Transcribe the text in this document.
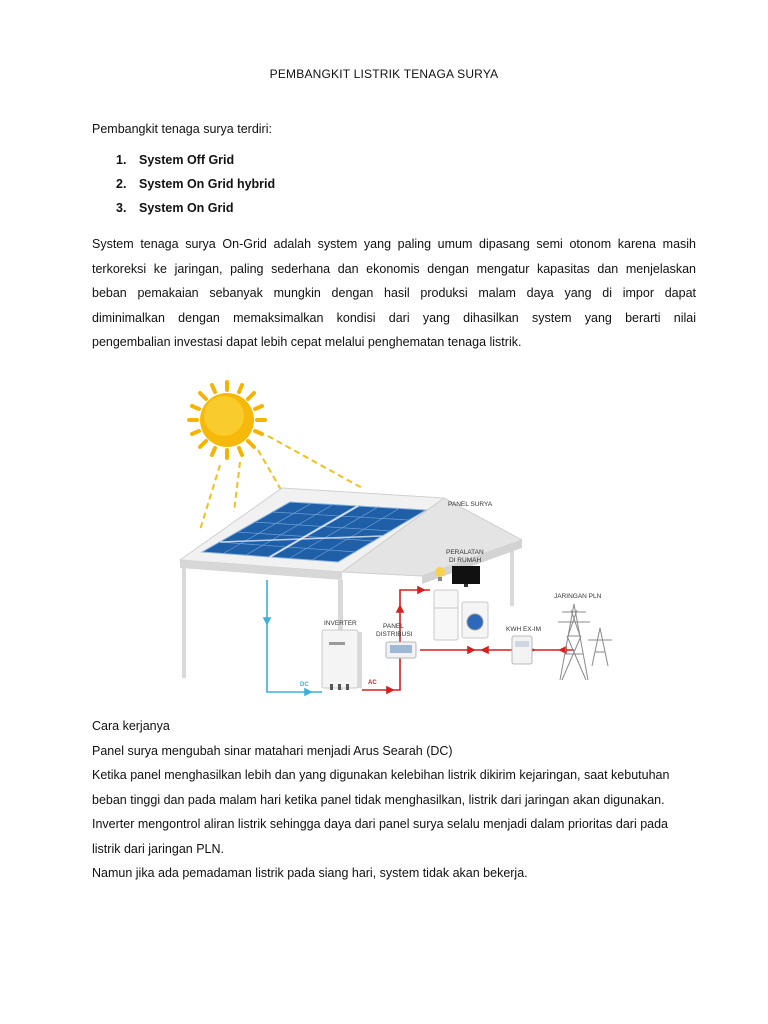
PEMBANGKIT LISTRIK TENAGA SURYA
Pembangkit tenaga surya terdiri:
1.	System Off Grid
2.	System On Grid hybrid
3.	System On Grid
System tenaga surya On-Grid adalah system yang paling umum dipasang semi otonom karena masih
terkoreksi ke jaringan, paling sederhana dan ekonomis dengan mengatur kapasitas dan menjelaskan
beban pemakaian sebanyak mungkin dengan hasil produksi malam daya yang di impor dapat
diminimalkan dengan memaksimalkan kondisi dari yang dihasilkan system yang berarti nilai
pengembalian investasi dapat lebih cepat melalui penghematan tenaga listrik.
PANEL SURYA
DC
INVERTER
AC
PANEL
DISTRIBUSI
PERALATAN
DI RUMAH
KWH EX-IM
JARINGAN PLN
Cara kerjanya
Panel surya mengubah sinar matahari menjadi Arus Searah (DC)
Ketika panel menghasilkan lebih dan yang digunakan kelebihan listrik dikirim kejaringan, saat kebutuhan
beban tinggi dan pada malam hari ketika panel tidak menghasilkan, listrik dari jaringan akan digunakan.
Inverter mengontrol aliran listrik sehingga daya dari panel surya selalu menjadi dalam prioritas dari pada
listrik dari jaringan PLN.
Namun jika ada pemadaman listrik pada siang hari, system tidak akan bekerja.
